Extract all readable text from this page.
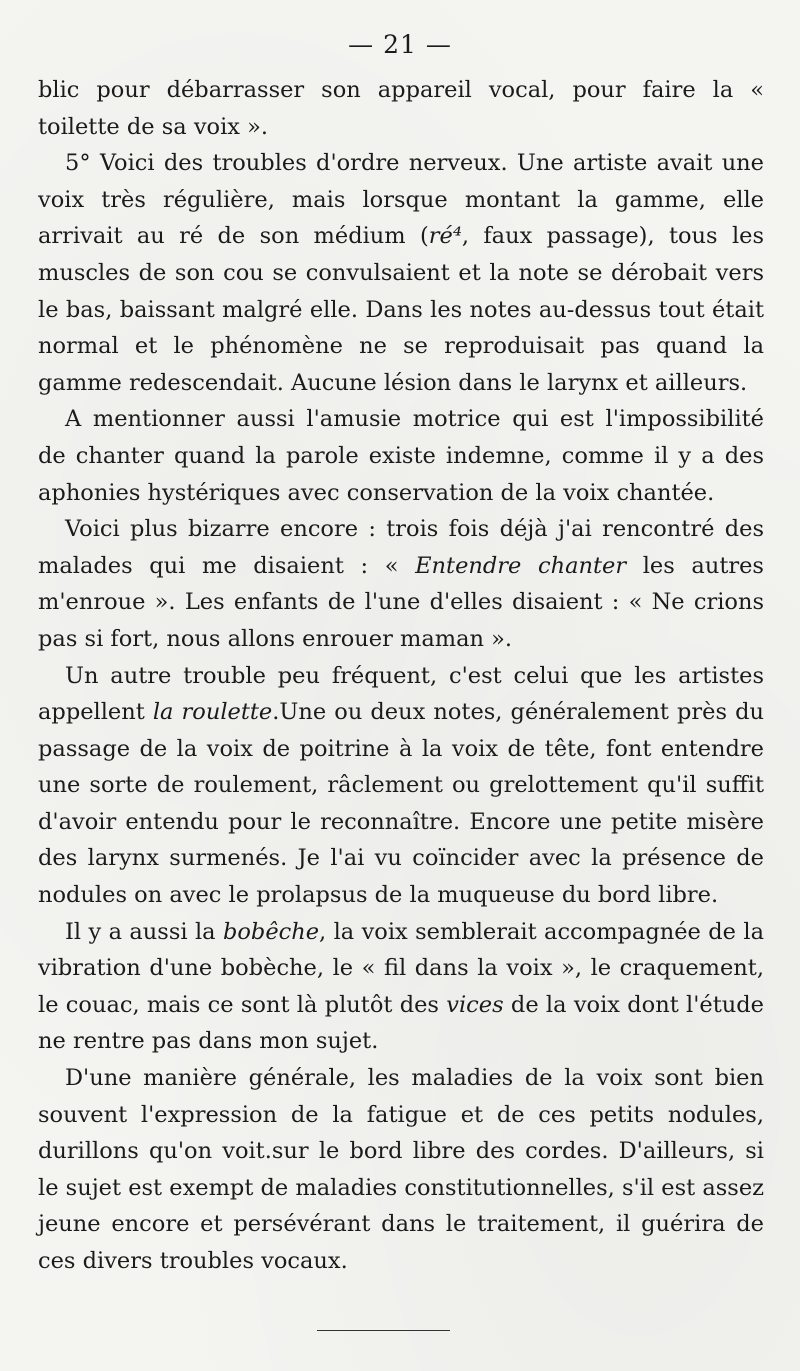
— 21 —

blic pour débarrasser son appareil vocal, pour faire la « toilette de sa voix ».

5° Voici des troubles d'ordre nerveux. Une artiste avait une voix très régulière, mais lorsque montant la gamme, elle arrivait au ré de son médium (ré⁴, faux passage), tous les muscles de son cou se convulsaient et la note se dérobait vers le bas, baissant malgré elle. Dans les notes au-dessus tout était normal et le phénomène ne se reproduisait pas quand la gamme redescendait. Aucune lésion dans le larynx et ailleurs.

A mentionner aussi l'amusie motrice qui est l'impossibilité de chanter quand la parole existe indemne, comme il y a des aphonies hystériques avec conservation de la voix chantée.

Voici plus bizarre encore : trois fois déjà j'ai rencontré des malades qui me disaient : « Entendre chanter les autres m'enroue ». Les enfants de l'une d'elles disaient : « Ne crions pas si fort, nous allons enrouer maman ».

Un autre trouble peu fréquent, c'est celui que les artistes appellent la roulette.Une ou deux notes, généralement près du passage de la voix de poitrine à la voix de tête, font entendre une sorte de roulement, râclement ou grelottement qu'il suffit d'avoir entendu pour le reconnaître. Encore une petite misère des larynx surmenés. Je l'ai vu coïncider avec la présence de nodules on avec le prolapsus de la muqueuse du bord libre.

Il y a aussi la bobêche, la voix semblerait accompagnée de la vibration d'une bobèche, le « fil dans la voix », le craquement, le couac, mais ce sont là plutôt des vices de la voix dont l'étude ne rentre pas dans mon sujet.

D'une manière générale, les maladies de la voix sont bien souvent l'expression de la fatigue et de ces petits nodules, durillons qu'on voit.sur le bord libre des cordes. D'ailleurs, si le sujet est exempt de maladies constitutionnelles, s'il est assez jeune encore et persévérant dans le traitement, il guérira de ces divers troubles vocaux.
